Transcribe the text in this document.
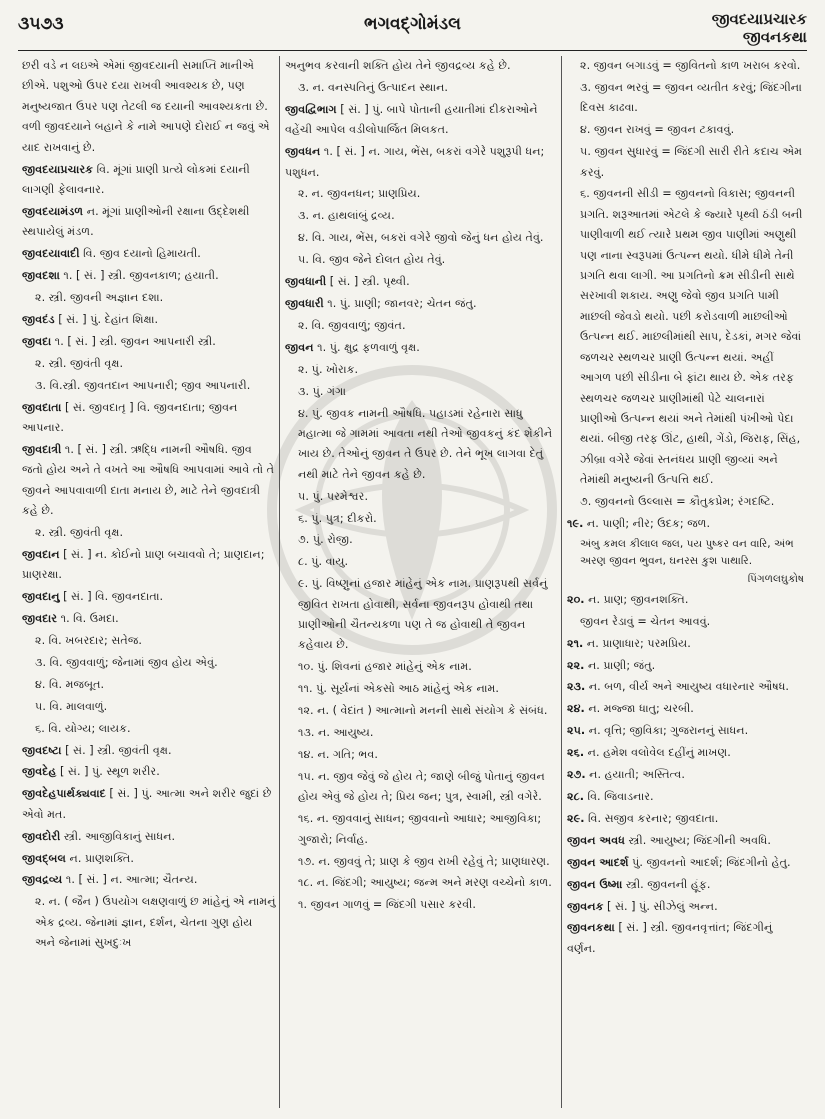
૩૫૭૩	ભગવદ્ગોમંડલ	જીવદયાપ્રચારક
જીવનકથા
છરી વડે ન લઇએ એમાં જીવદયાની સમાપ્તિ માનીએ છીએ. પશુઓ ઉપર દયા રાખવી આવશ્યક છે, પણ મનુષ્યજાત ઉપર પણ તેટલી જ દયાની આવશ્યકતા છે. વળી જીવદયાને બહાને કે નામે આપણે દોરાઈ ન જવું એ યાદ રાખવાનું છે.
જીવદયાપ્રચારક વિ. મૂંગાં પ્રાણી પ્રત્યે લોકમાં દયાની લાગણી ફેલાવનાર.
જીવદયામંડળ ન. મૂંગાં પ્રાણીઓની રક્ષાના ઉદ્દેશથી સ્થપાયેલું મંડળ.
જીવદયાવાદી વિ. જીવ દયાનો હિમાયતી.
જીવદશા ૧. [ સં. ] સ્ત્રી. જીવનકાળ; હયાતી.
૨. સ્ત્રી. જીવની અજ્ઞાન દશા.
જીવદંડ [ સં. ] પું. દેહાંત શિક્ષા.
જીવદા ૧. [ સં. ] સ્ત્રી. જીવન આપનારી સ્ત્રી.
૨. સ્ત્રી. જીવંતી વૃક્ષ.
૩. વિ.સ્ત્રી. જીવતદાન આપનારી; જીવ આપનારી.
જીવદાતા [ સં. જીવદાતૃ ] વિ. જીવનદાતા; જીવન આપનાર.
જીવદાત્રી ૧. [ સં. ] સ્ત્રી. ઋદ્ધિ નામની ઔષધિ. જીવ જતો હોય અને તે વખતે આ ઔષધિ આપવામાં આવે તો તે જીવને આપવાવાળી દાતા મનાય છે, માટે તેને જીવદાત્રી કહે છે.
૨. સ્ત્રી. જીવંતી વૃક્ષ.
જીવદાન [ સં. ] ન. કોઈનો પ્રાણ બચાવવો તે; પ્રાણદાન; પ્રાણરક્ષા.
જીવદાનુ [ સં. ] વિ. જીવનદાતા.
જીવદાર ૧. વિ. ઉમદા.
૨. વિ. ખબરદાર; સતેજ.
૩. વિ. જીવવાળું; જેનામાં જીવ હોય એવું.
૪. વિ. મજબૂત.
૫. વિ. માલવાળું.
૬. વિ. યોગ્ય; લાયક.
જીવદષ્ટા [ સં. ] સ્ત્રી. જીવંતી વૃક્ષ.
જીવદેહ [ સં. ] પું. સ્થૂળ શરીર.
જીવદેહપાર્થક્યવાદ [ સં. ] પું. આત્મા અને શરીર જુદાં છે એવો મત.
જીવદોરી સ્ત્રી. આજીવિકાનું સાધન.
જીવદ્બલ ન. પ્રાણશક્તિ.
જીવદ્રવ્ય ૧. [ સં. ] ન. આત્મા; ચૈતન્ય.
૨. ન. ( જૈન ) ઉપયોગ લક્ષણવાળું છ માંહેનું એ નામનું એક દ્રવ્ય. જેનામાં જ્ઞાન, દર્શન, ચેતના ગુણ હોય અને જેનામાં સુખદુઃખ
અનુભવ કરવાની શક્તિ હોય તેને જીવદ્રવ્ય કહે છે.
૩. ન. વનસ્પતિનું ઉત્પાદન સ્થાન.
જીવદ્વિભાગ [ સં. ] પું. બાપે પોતાની હયાતીમાં દીકરાઓને વહેંચી આપેલ વડીલોપાર્જિત મિલકત.
જીવધન ૧. [ સં. ] ન. ગાય, ભેંસ, બકરાં વગેરે પશુરૂપી ધન; પશુધન.
૨. ન. જીવનધન; પ્રાણપ્રિય.
૩. ન. હાથલાંબું દ્રવ્ય.
૪. વિ. ગાય, ભેંસ, બકરાં વગેરે જીવો જેનું ધન હોય તેવું.
૫. વિ. જીવ જેને દોલત હોય તેવું.
જીવધાની [ સં. ] સ્ત્રી. પૃથ્વી.
જીવધારી ૧. પું. પ્રાણી; જાનવર; ચેતન જંતુ.
૨. વિ. જીવવાળું; જીવંત.
જીવન ૧. પું. ક્ષુદ્ર ફળવાળું વૃક્ષ.
૨. પું. ખોરાક.
૩. પું. ગંગા
૪. પું. જીવક નામની ઔષધિ. પહાડમાં રહેનારા સાધુ મહાત્મા જે ગામમાં આવતા નથી તેઓ જીવકનું કંદ શેકીને ખાય છે. તેઓનું જીવન તે ઉપર છે. તેને ભૂખ લાગવા દેતું નથી માટે તેને જીવન કહે છે.
૫. પું. પરમેશ્વર.
૬. પું. પુત્ર; દીકરો.
૭. પું. રોજી.
૮. પું. વાયુ.
૯. પું. વિષ્ણુનાં હજાર માંહેનું એક નામ. પ્રાણરૂપથી સર્વનું જીવિત રાખતા હોવાથી, સર્વના જીવનરૂપ હોવાથી તથા પ્રાણીઓની ચૈતન્યકળા પણ તે જ હોવાથી તે જીવન કહેવાય છે.
૧૦. પું. શિવનાં હજાર માંહેનું એક નામ.
૧૧. પું. સૂર્યનાં એકસો આઠ માંહેનું એક નામ.
૧૨. ન. ( વેદાંત ) આત્માનો મનની સાથે સંયોગ કે સંબંધ.
૧૩. ન. આયુષ્ય.
૧૪. ન. ગતિ; ભવ.
૧૫. ન. જીવ જેવું જે હોય તે; જાણે બીજું પોતાનું જીવન હોય એવું જે હોય તે; પ્રિય જન; પુત્ર, સ્વામી, સ્ત્રી વગેરે.
૧૬. ન. જીવવાનું સાધન; જીવવાનો આધાર; આજીવિકા; ગુજારો; નિર્વાહ.
૧૭. ન. જીવવું તે; પ્રાણ કે જીવ રાખી રહેવું તે; પ્રાણધારણ.
૧૮. ન. જિંદગી; આયુષ્ય; જન્મ અને મરણ વચ્ચેનો કાળ.
૧. જીવન ગાળવું = જિંદગી પસાર કરવી.
૨. જીવન બગાડવું = જીવિતનો કાળ ખરાબ કરવો.
૩. જીવન ભરવું = જીવન વ્યતીત કરવું; જિંદગીના દિવસ કાઢવા.
૪. જીવન રાખવું = જીવન ટકાવવું.
૫. જીવન સુધારવું = જિંદગી સારી રીતે કદાચ એમ કરવું.
૬. જીવનની સીડી = જીવનનો વિકાસ; જીવનની પ્રગતિ. શરૂઆતમાં એટલે કે જ્યારે પૃથ્વી ઠંડી બની પાણીવાળી થઈ ત્યારે પ્રથમ જીવ પાણીમાં અણુથી પણ નાના સ્વરૂપમાં ઉત્પન્ન થયો. ધીમે ધીમે તેની પ્રગતિ થવા લાગી. આ પ્રગતિનો ક્રમ સીડીની સાથે સરખાવી શકાય. અણુ જેવો જીવ પ્રગતિ પામી માછલી જેવડો થયો. પછી કરોડવાળી માછલીઓ ઉત્પન્ન થઈ. માછલીમાંથી સાપ, દેડકાં, મગર જેવાં જળચર સ્થળચર પ્રાણી ઉત્પન્ન થયાં. અહીં આગળ પછી સીડીના બે ફાંટા થાય છે. એક તરફ સ્થળચર જળચર પ્રાણીમાંથી પેટે ચાલનારાં પ્રાણીઓ ઉત્પન્ન થયાં અને તેમાંથી પંખીઓ પેદા થયાં. બીજી તરફ ઊંટ, હાથી, ગેંડો, જિરાફ, સિંહ, ઝીબ્રા વગેરે જેવાં સ્તનંધય પ્રાણી જીવ્યાં અને તેમાંથી મનુષ્યની ઉત્પત્તિ થઈ.
૭. જીવનનો ઉલ્લાસ = કૌતુકપ્રેમ; રંગદષ્ટિ.
૧૯. ન. પાણી; નીર; ઉદક; જળ.
અંબુ કમલ કીલાલ જલ, પય પુષ્કર વન વારિ, અંભ અરણ જીવન ભુવન, ઘનરસ કુશ પાથારિ.
પિંગળલઘુકોષ
૨૦. ન. પ્રાણ; જીવનશક્તિ.
જીવન રેડાવું = ચેતન આવવું.
૨૧. ન. પ્રાણાધાર; પરમપ્રિય.
૨૨. ન. પ્રાણી; જંતુ.
૨૩. ન. બળ, વીર્ય અને આયુષ્ય વધારનાર ઔષધ.
૨૪. ન. મજ્જા ધાતુ; ચરબી.
૨૫. ન. વૃત્તિ; જીવિકા; ગુજરાનનું સાધન.
૨૬. ન. હમેશ વલોવેલ દહીંનું માખણ.
૨૭. ન. હયાતી; અસ્તિત્વ.
૨૮. વિ. જિવાડનાર.
૨૯. વિ. સજીવ કરનાર; જીવદાતા.
જીવન અવધ સ્ત્રી. આયુષ્ય; જિંદગીની અવધિ.
જીવન આદર્શ પું. જીવનનો આદર્શ; જિંદગીનો હેતુ.
જીવન ઉષ્મા સ્ત્રી. જીવનની હૂંફ.
જીવનક [ સં. ] પું. સીઝેલું અન્ન.
જીવનકથા [ સં. ] સ્ત્રી. જીવનવૃત્તાંત; જિંદગીનું વર્ણન.
